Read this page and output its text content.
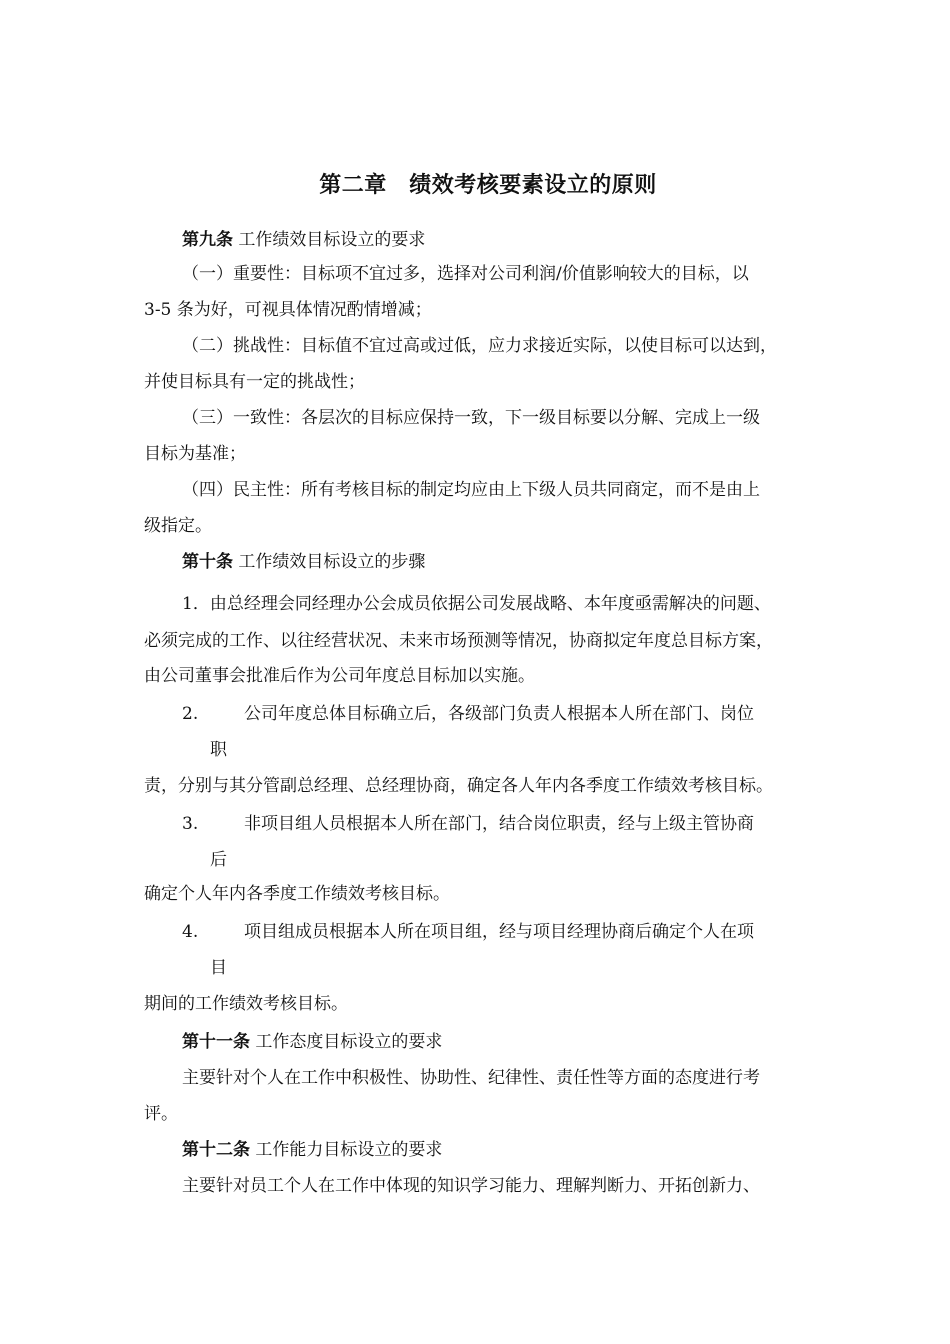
第二章　绩效考核要素设立的原则
第九条 工作绩效目标设立的要求
（一）重要性：目标项不宜过多，选择对公司利润/价值影响较大的目标，以
3-5 条为好，可视具体情况酌情增减；
（二）挑战性：目标值不宜过高或过低，应力求接近实际，以使目标可以达到，
并使目标具有一定的挑战性；
（三）一致性：各层次的目标应保持一致，下一级目标要以分解、完成上一级
目标为基准；
（四）民主性：所有考核目标的制定均应由上下级人员共同商定，而不是由上
级指定。
第十条 工作绩效目标设立的步骤
1．由总经理会同经理办公会成员依据公司发展战略、本年度亟需解决的问题、
必须完成的工作、以往经营状况、未来市场预测等情况，协商拟定年度总目标方案，
由公司董事会批准后作为公司年度总目标加以实施。
2.	公司年度总体目标确立后，各级部门负责人根据本人所在部门、岗位
职
责，分别与其分管副总经理、总经理协商，确定各人年内各季度工作绩效考核目标。
3.	非项目组人员根据本人所在部门，结合岗位职责，经与上级主管协商
后
确定个人年内各季度工作绩效考核目标。
4.	项目组成员根据本人所在项目组，经与项目经理协商后确定个人在项
目
期间的工作绩效考核目标。
第十一条 工作态度目标设立的要求
主要针对个人在工作中积极性、协助性、纪律性、责任性等方面的态度进行考
评。
第十二条 工作能力目标设立的要求
主要针对员工个人在工作中体现的知识学习能力、理解判断力、开拓创新力、
